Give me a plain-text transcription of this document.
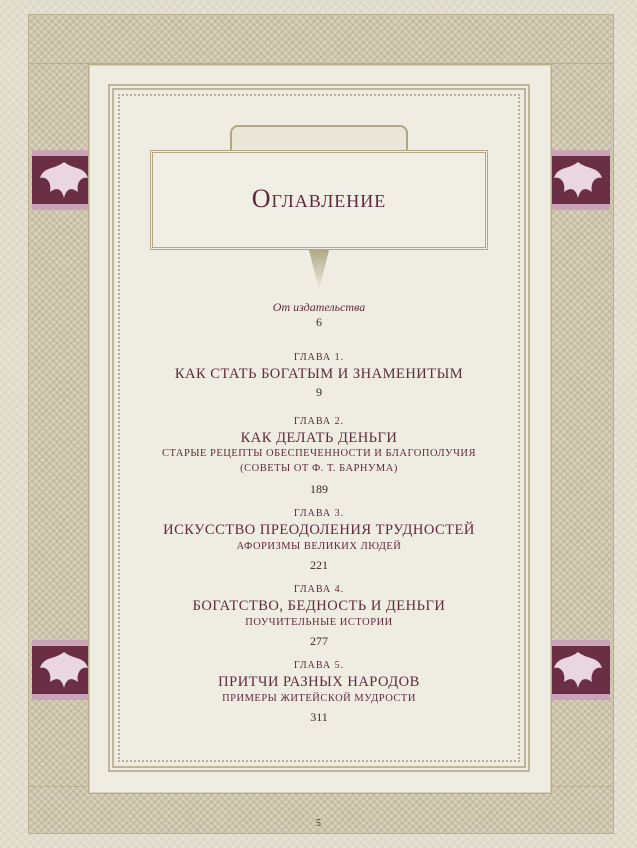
Оглавление
От издательства
6
ГЛАВА 1.
КАК СТАТЬ БОГАТЫМ И ЗНАМЕНИТЫМ
9
ГЛАВА 2.
КАК ДЕЛАТЬ ДЕНЬГИ
СТАРЫЕ РЕЦЕПТЫ ОБЕСПЕЧЕННОСТИ И БЛАГОПОЛУЧИЯ
(СОВЕТЫ ОТ Ф. Т. БАРНУМА)
189
ГЛАВА 3.
ИСКУССТВО ПРЕОДОЛЕНИЯ ТРУДНОСТЕЙ
АФОРИЗМЫ ВЕЛИКИХ ЛЮДЕЙ
221
ГЛАВА 4.
БОГАТСТВО, БЕДНОСТЬ И ДЕНЬГИ
ПОУЧИТЕЛЬНЫЕ ИСТОРИИ
277
ГЛАВА 5.
ПРИТЧИ РАЗНЫХ НАРОДОВ
ПРИМЕРЫ ЖИТЕЙСКОЙ МУДРОСТИ
311
5
